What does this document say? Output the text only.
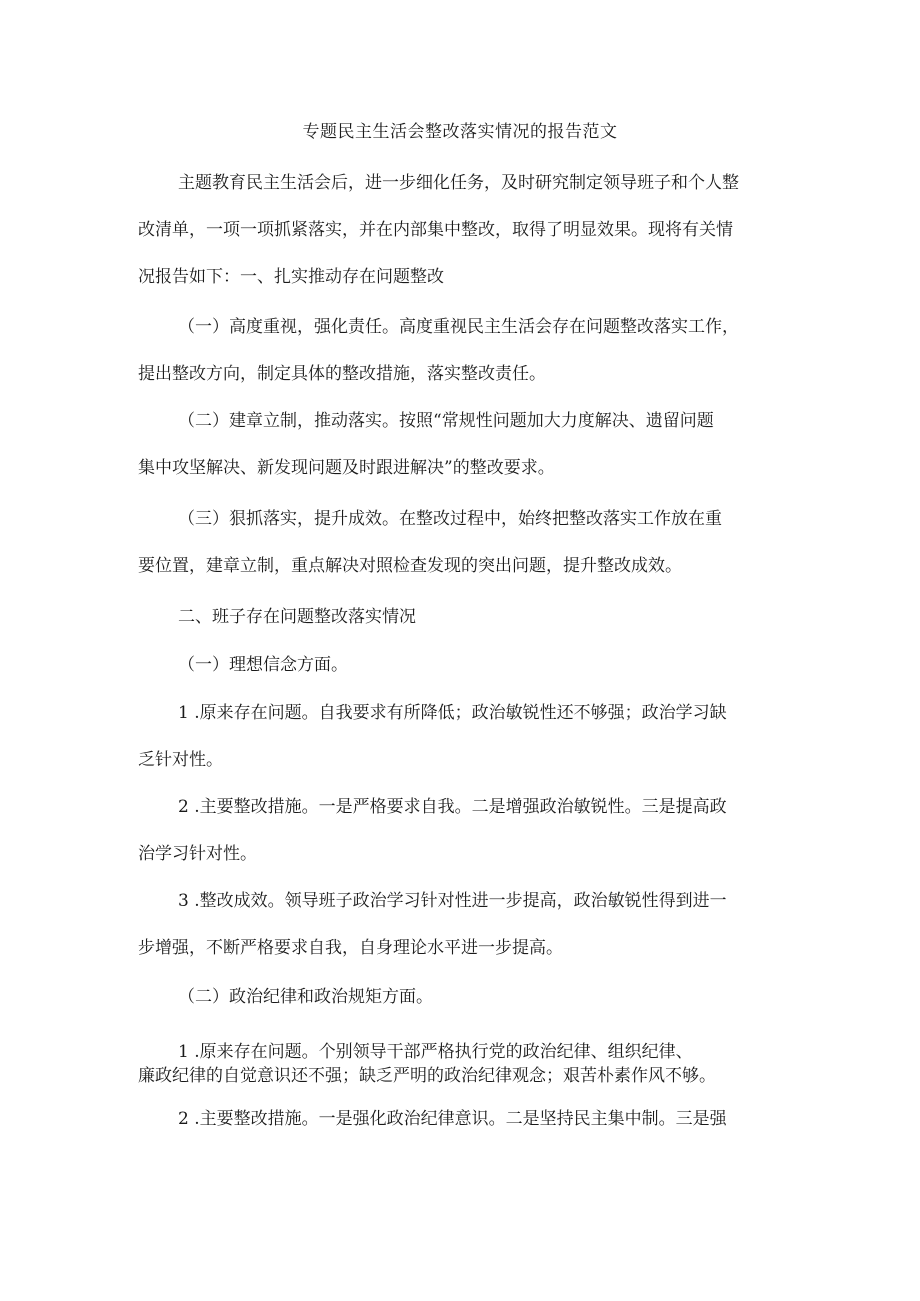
专题民主生活会整改落实情况的报告范文
主题教育民主生活会后，进一步细化任务，及时研究制定领导班子和个人整
改清单，一项一项抓紧落实，并在内部集中整改，取得了明显效果。现将有关情
况报告如下：一、扎实推动存在问题整改
（一）高度重视，强化责任。高度重视民主生活会存在问题整改落实工作，
提出整改方向，制定具体的整改措施，落实整改责任。
（二）建章立制，推动落实。按照“常规性问题加大力度解决、遗留问题
集中攻坚解决、新发现问题及时跟进解决”的整改要求。
（三）狠抓落实，提升成效。在整改过程中，始终把整改落实工作放在重
要位置，建章立制，重点解决对照检查发现的突出问题，提升整改成效。
二、班子存在问题整改落实情况
（一）理想信念方面。
1 .原来存在问题。自我要求有所降低；政治敏锐性还不够强；政治学习缺
乏针对性。
2 .主要整改措施。一是严格要求自我。二是增强政治敏锐性。三是提高政
治学习针对性。
3 .整改成效。领导班子政治学习针对性进一步提高，政治敏锐性得到进一
步增强，不断严格要求自我，自身理论水平进一步提高。
（二）政治纪律和政治规矩方面。
1 .原来存在问题。个别领导干部严格执行党的政治纪律、组织纪律、
廉政纪律的自觉意识还不强；缺乏严明的政治纪律观念；艰苦朴素作风不够。
2 .主要整改措施。一是强化政治纪律意识。二是坚持民主集中制。三是强
